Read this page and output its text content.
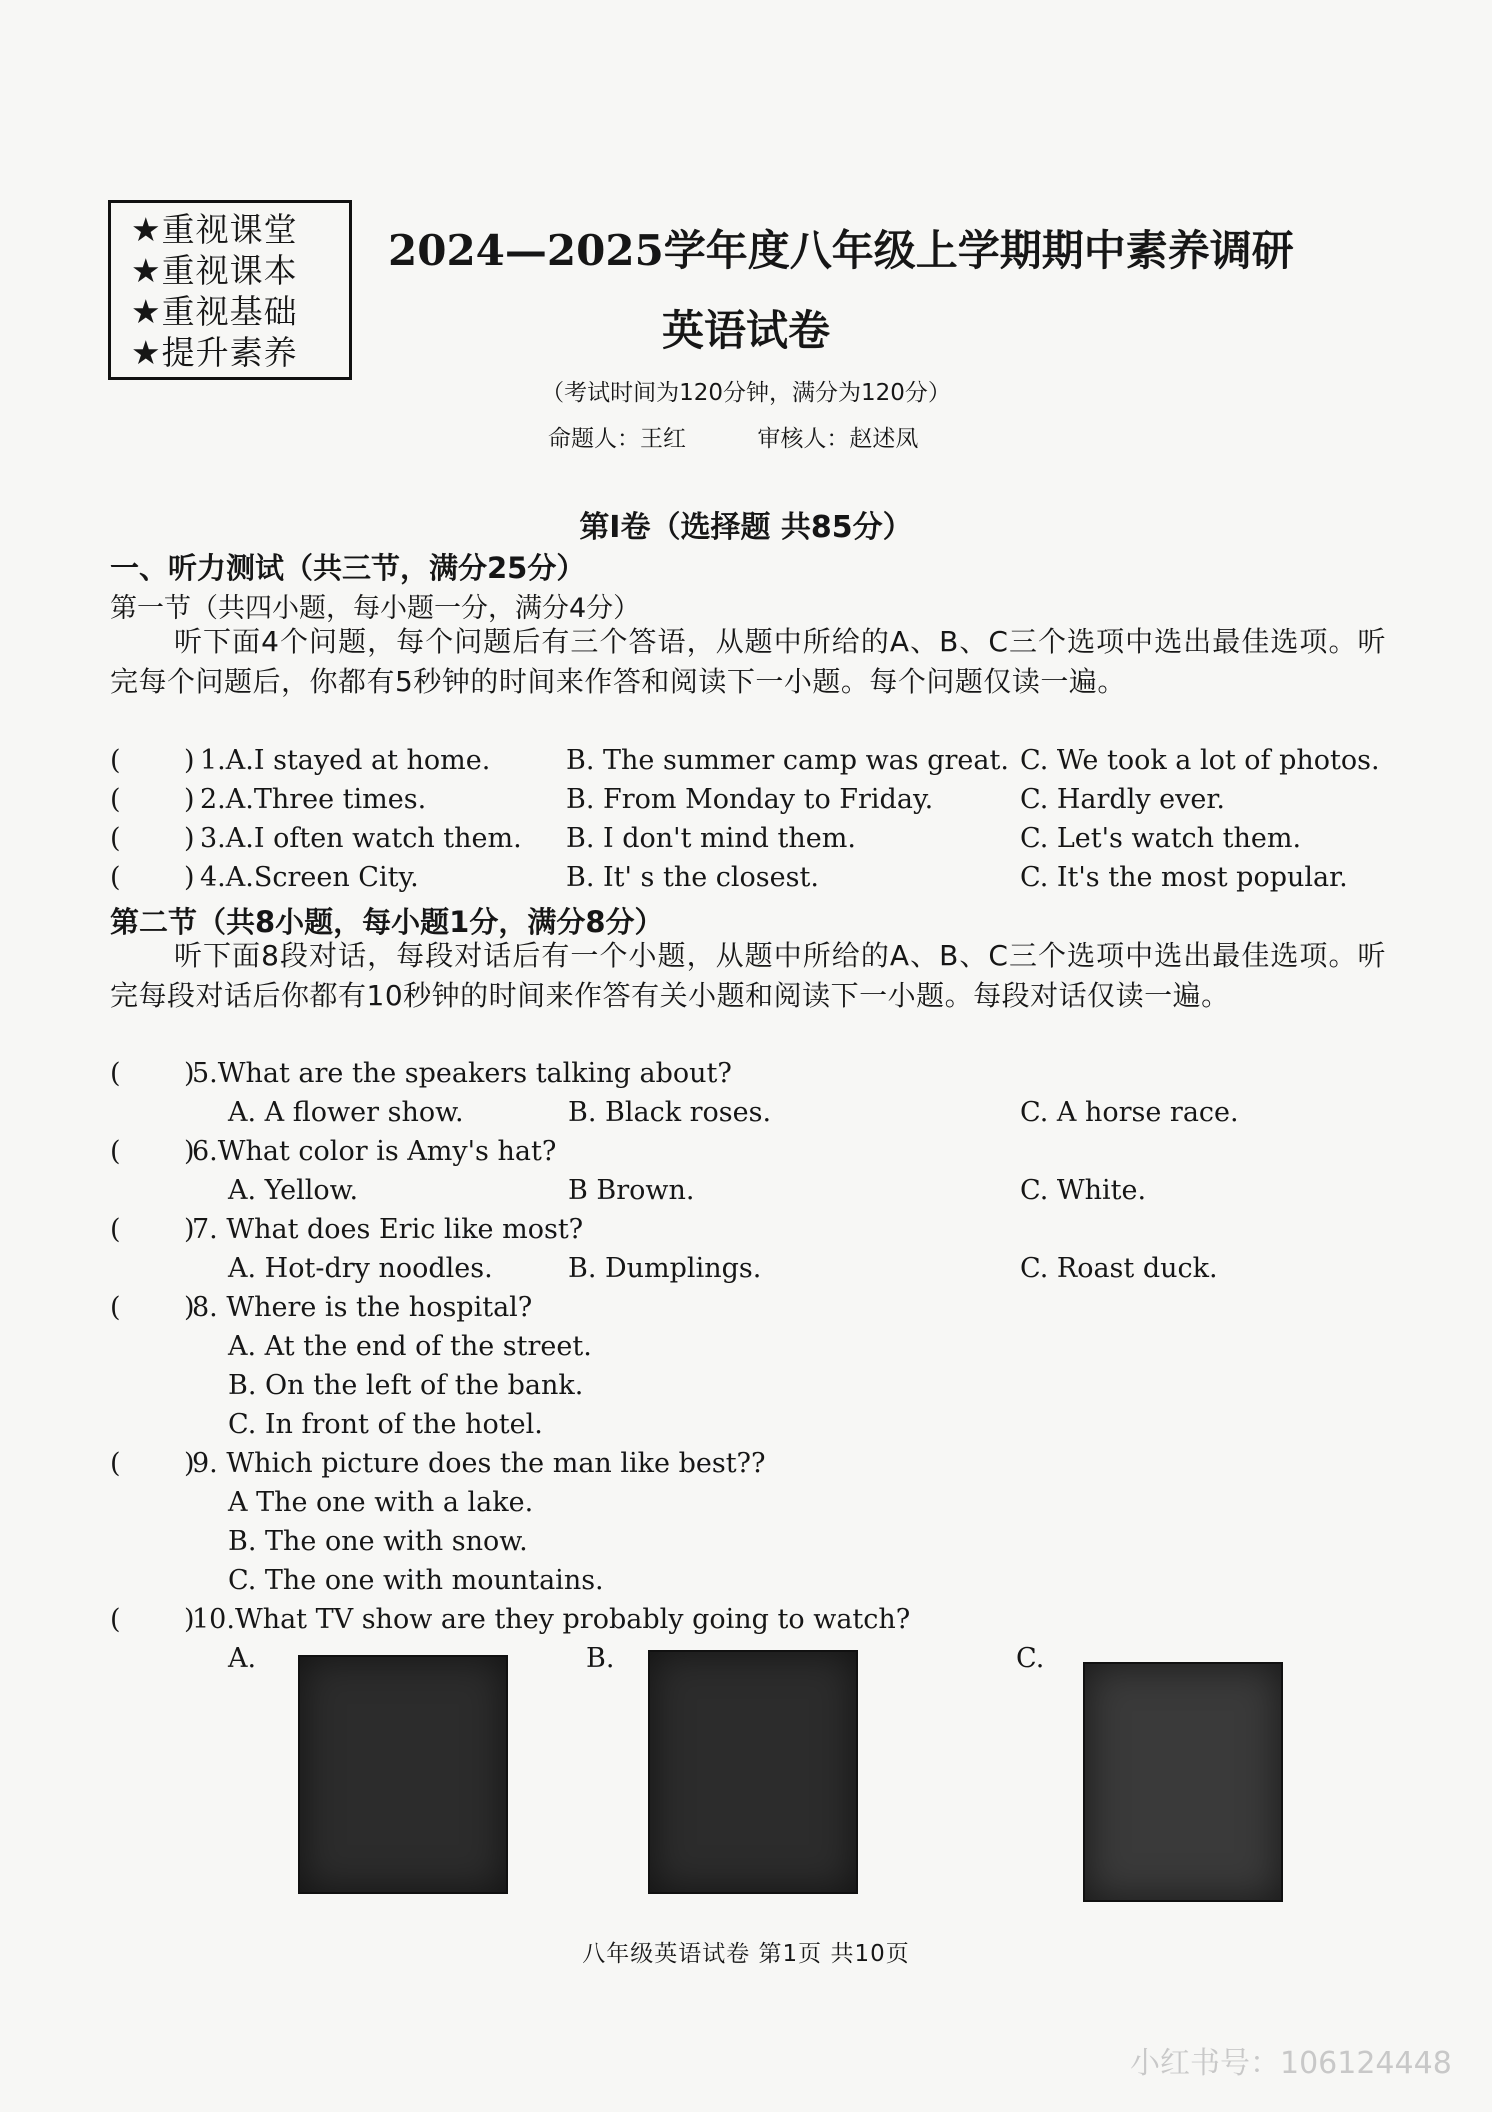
★重视课堂
★重视课本
★重视基础
★提升素养
2024—2025学年度八年级上学期期中素养调研
英语试卷
（考试时间为120分钟，满分为120分）
命题人：王红	审核人：赵述凤
第Ⅰ卷（选择题 共85分）
一、听力测试（共三节，满分25分）
第一节（共四小题，每小题一分，满分4分）
听下面4个问题，每个问题后有三个答语，从题中所给的A、B、C三个选项中选出最佳选项。听完每个问题后，你都有5秒钟的时间来作答和阅读下一小题。每个问题仅读一遍。
( ) 1.A.I stayed at home.	B. The summer camp was great. C. We took a lot of photos.
( ) 2.A.Three times.	B. From Monday to Friday.	C. Hardly ever.
( ) 3.A.I often watch them. B. I don't mind them.	C. Let's watch them.
( ) 4.A.Screen City.	B. It' s the closest.	C. It's the most popular.
第二节（共8小题，每小题1分，满分8分）
听下面8段对话，每段对话后有一个小题，从题中所给的A、B、C三个选项中选出最佳选项。听完每段对话后你都有10秒钟的时间来作答有关小题和阅读下一小题。每段对话仅读一遍。
( )
5.What are the speakers talking about?
A. A flower show.	B. Black roses.	C. A horse race.
( )
6.What color is Amy's hat?
A. Yellow.	B Brown.	C. White.
( )
7. What does Eric like most?
A. Hot-dry noodles.	B. Dumplings.	C. Roast duck.
( )
8. Where is the hospital?
A. At the end of the street.
B. On the left of the bank.
C. In front of the hotel.
( )
9. Which picture does the man like best??
A The one with a lake.
B. The one with snow.
C. The one with mountains.
( )
10.What TV show are they probably going to watch?
A.	B.	C.
八年级英语试卷 第1页 共10页
小红书号：106124448
